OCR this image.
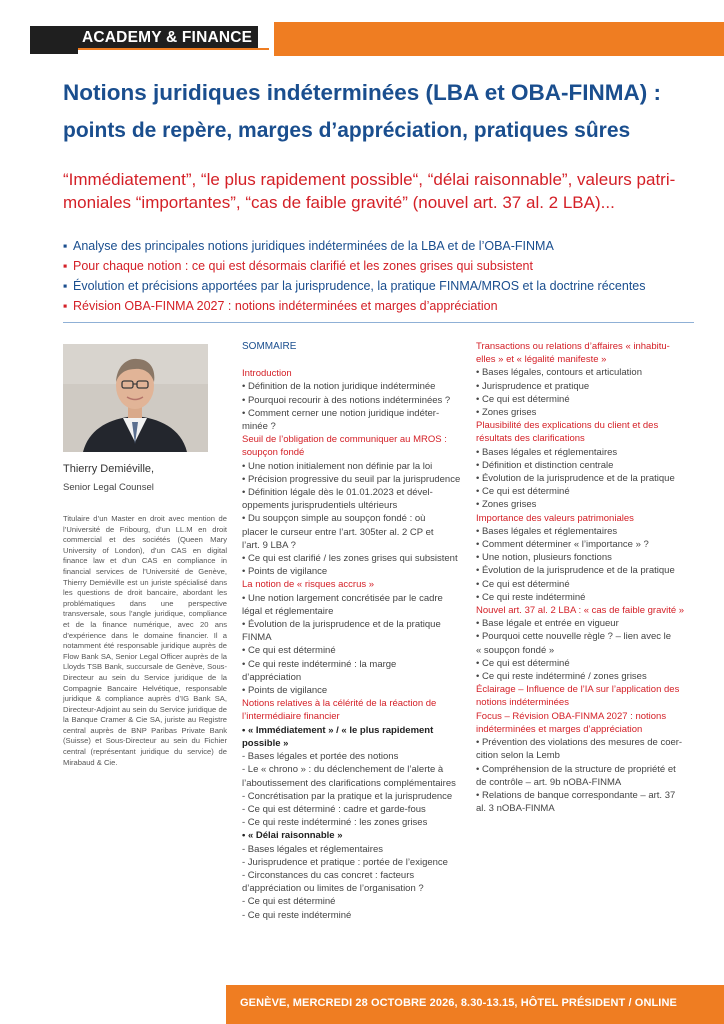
ACADEMY & FINANCE
Notions juridiques indéterminées (LBA et OBA-FINMA) :
points de repère, marges d’appréciation, pratiques sûres
“Immédiatement”, “le plus rapidement possible“, “délai raisonnable”, valeurs patri-
moniales “importantes”, “cas de faible gravité” (nouvel art. 37 al. 2 LBA)...
▪ Analyse des principales notions juridiques indéterminées de la LBA et de l’OBA-FINMA
▪ Pour chaque notion : ce qui est désormais clarifié et les zones grises qui subsistent
▪ Évolution et précisions apportées par la jurisprudence, la pratique FINMA/MROS et la doctrine récentes
▪ Révision OBA-FINMA 2027 : notions indéterminées et marges d’appréciation
Thierry Demiéville,
Senior Legal Counsel
Titulaire d’un Master en droit avec mention de l’Université de Fribourg, d’un LL.M en droit commercial et des sociétés (Queen Mary University of London), d’un CAS en digital finance law et d’un CAS en compliance in financial services de l’Université de Genève, Thierry Demiéville est un juriste spécialisé dans les questions de droit bancaire, abordant les problématiques dans une perspective transversale, sous l’angle juridique, compliance et de la finance numérique, avec 20 ans d’expérience dans le domaine financier. Il a notamment été responsable juridique auprès de Flow Bank SA, Senior Legal Officer auprès de la Lloyds TSB Bank, succursale de Genève, Sous-Directeur au sein du Service juridique de la Compagnie Bancaire Helvétique, responsable juridique & compliance auprès d’IG Bank SA, Directeur-Adjoint au sein du Service juridique de la Banque Cramer & Cie SA, juriste au Registre central auprès de BNP Paribas Private Bank (Suisse) et Sous-Directeur au sein du Fichier central (représentant juridique du service) de Mirabaud & Cie.
SOMMAIRE
Introduction
• Définition de la notion juridique indéterminée
• Pourquoi recourir à des notions indéterminées ?
• Comment cerner une notion juridique indéter-
minée ?
Seuil de l’obligation de communiquer au MROS :
soupçon fondé
• Une notion initialement non définie par la loi
• Précision progressive du seuil par la jurisprudence
• Définition légale dès le 01.01.2023 et dével-
oppements jurisprudentiels ultérieurs
• Du soupçon simple au soupçon fondé : où
placer le curseur entre l’art. 305ter al. 2 CP et
l’art. 9 LBA ?
• Ce qui est clarifié / les zones grises qui subsistent
• Points de vigilance
La notion de « risques accrus »
• Une notion largement concrétisée par le cadre
légal et réglementaire
• Évolution de la jurisprudence et de la pratique
FINMA
• Ce qui est déterminé
• Ce qui reste indéterminé : la marge
d’appréciation
• Points de vigilance
Notions relatives à la célérité de la réaction de
l’intermédiaire financier
• « Immédiatement » / « le plus rapidement
possible »
- Bases légales et portée des notions
- Le « chrono » : du déclenchement de l’alerte à
l’aboutissement des clarifications complémentaires
- Concrétisation par la pratique et la jurisprudence
- Ce qui est déterminé : cadre et garde-fous
- Ce qui reste indéterminé : les zones grises
• « Délai raisonnable »
- Bases légales et réglementaires
- Jurisprudence et pratique : portée de l’exigence
- Circonstances du cas concret : facteurs
d’appréciation ou limites de l’organisation ?
- Ce qui est déterminé
- Ce qui reste indéterminé
Transactions ou relations d’affaires « inhabitu-
elles » et « légalité manifeste »
• Bases légales, contours et articulation
• Jurisprudence et pratique
• Ce qui est déterminé
• Zones grises
Plausibilité des explications du client et des
résultats des clarifications
• Bases légales et réglementaires
• Définition et distinction centrale
• Évolution de la jurisprudence et de la pratique
• Ce qui est déterminé
• Zones grises
Importance des valeurs patrimoniales
• Bases légales et réglementaires
• Comment déterminer « l’importance » ?
• Une notion, plusieurs fonctions
• Évolution de la jurisprudence et de la pratique
• Ce qui est déterminé
• Ce qui reste indéterminé
Nouvel art. 37 al. 2 LBA : « cas de faible gravité »
• Base légale et entrée en vigueur
• Pourquoi cette nouvelle règle ? – lien avec le
« soupçon fondé »
• Ce qui est déterminé
• Ce qui reste indéterminé / zones grises
Éclairage – Influence de l’IA sur l’application des
notions indéterminées
Focus – Révision OBA-FINMA 2027 : notions
indéterminées et marges d’appréciation
• Prévention des violations des mesures de coer-
cition selon la Lemb
• Compréhension de la structure de propriété et
de contrôle – art. 9b nOBA-FINMA
• Relations de banque correspondante – art. 37
al. 3 nOBA-FINMA
GENÈVE, MERCREDI 28 OCTOBRE 2026, 8.30-13.15, HÔTEL PRÉSIDENT / ONLINE
